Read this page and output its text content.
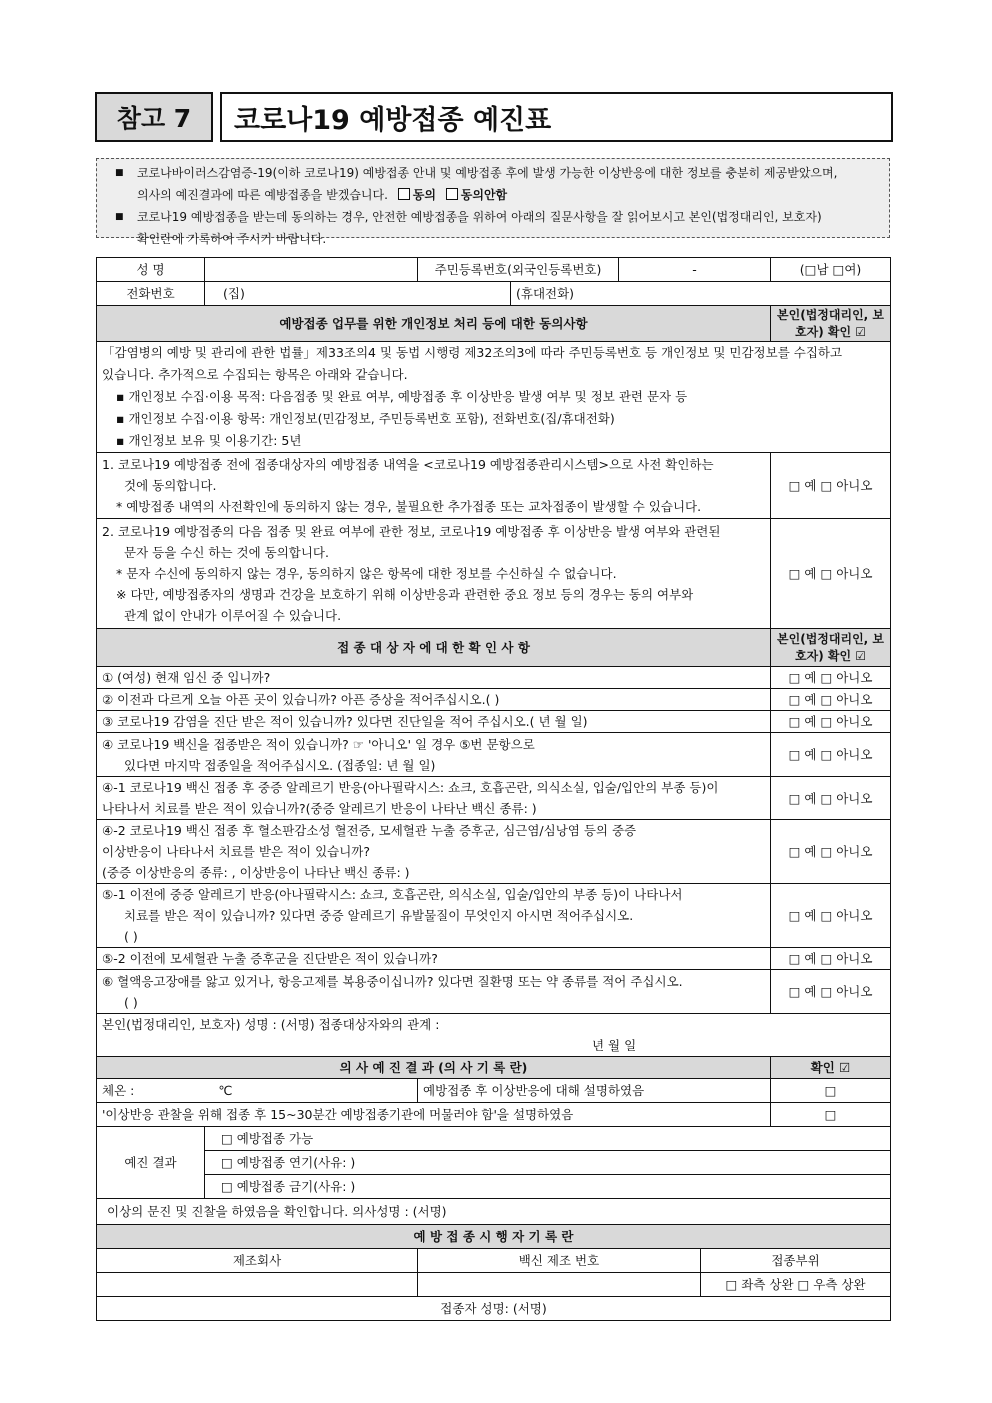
참고 7	코로나19 예방접종 예진표
■	코로나바이러스감염증-19(이하 코로나19) 예방접종 안내 및 예방접종 후에 발생 가능한 이상반응에 대한 정보를 충분히 제공받았으며,
의사의 예진결과에 따른 예방접종을 받겠습니다. 동의 동의안함
■	코로나19 예방접종을 받는데 동의하는 경우, 안전한 예방접종을 위하여 아래의 질문사항을 잘 읽어보시고 본인(법정대리인, 보호자)
확인란에 기록하여 주시기 바랍니다.
성 명		주민등록번호(외국인등록번호)		-		(□남 □여)
전화번호	(집)		(휴대전화)			
예방접종 업무를 위한 개인정보 처리 등에 대한 동의사항						본인(법정대리인, 보호자) 확인 ☑

「감염병의 예방 및 관리에 관한 법률」제33조의4 및 동법 시행령 제32조의3에 따라 주민등록번호 등 개인정보 및 민감정보를 수집하고
있습니다. 추가적으로 수집되는 항목은 아래와 같습니다.
▪ 개인정보 수집·이용 목적: 다음접종 및 완료 여부, 예방접종 후 이상반응 발생 여부 및 정보 관련 문자 등
▪ 개인정보 수집·이용 항목: 개인정보(민감정보, 주민등록번호 포함), 전화번호(집/휴대전화)
▪ 개인정보 보유 및 이용기간: 5년						

1. 코로나19 예방접종 전에 접종대상자의 예방접종 내역을 <코로나19 예방접종관리시스템>으로 사전 확인하는
것에 동의합니다.
* 예방접종 내역의 사전확인에 동의하지 않는 경우, 불필요한 추가접종 또는 교차접종이 발생할 수 있습니다.						□ 예 □ 아니오

2. 코로나19 예방접종의 다음 접종 및 완료 여부에 관한 정보, 코로나19 예방접종 후 이상반응 발생 여부와 관련된
문자 등을 수신 하는 것에 동의합니다.
* 문자 수신에 동의하지 않는 경우, 동의하지 않은 항목에 대한 정보를 수신하실 수 없습니다.
※ 다만, 예방접종자의 생명과 건강을 보호하기 위해 이상반응과 관련한 중요 정보 등의 경우는 동의 여부와
관계 없이 안내가 이루어질 수 있습니다.						□ 예 □ 아니오
접 종 대 상 자 에 대 한 확 인 사 항						본인(법정대리인, 보호자) 확인 ☑
① (여성) 현재 임신 중 입니까?						□ 예 □ 아니오
② 이전과 다르게 오늘 아픈 곳이 있습니까? 아픈 증상을 적어주십시오.( )						□ 예 □ 아니오
③ 코로나19 감염을 진단 받은 적이 있습니까? 있다면 진단일을 적어 주십시오.( 년 월 일)						□ 예 □ 아니오

④ 코로나19 백신을 접종받은 적이 있습니까? ☞ '아니오' 일 경우 ⑤번 문항으로
있다면 마지막 접종일을 적어주십시오. (접종일: 년 월 일)						□ 예 □ 아니오

④-1 코로나19 백신 접종 후 중증 알레르기 반응(아나필락시스: 쇼크, 호흡곤란, 의식소실, 입술/입안의 부종 등)이
나타나서 치료를 받은 적이 있습니까?(중증 알레르기 반응이 나타난 백신 종류: )						□ 예 □ 아니오

④-2 코로나19 백신 접종 후 혈소판감소성 혈전증, 모세혈관 누출 증후군, 심근염/심낭염 등의 중증
이상반응이 나타나서 치료를 받은 적이 있습니까?
(중증 이상반응의 종류: , 이상반응이 나타난 백신 종류: )						□ 예 □ 아니오

⑤-1 이전에 중증 알레르기 반응(아나필락시스: 쇼크, 호흡곤란, 의식소실, 입술/입안의 부종 등)이 나타나서
치료를 받은 적이 있습니까? 있다면 중증 알레르기 유발물질이 무엇인지 아시면 적어주십시오.
( )						□ 예 □ 아니오
⑤-2 이전에 모세혈관 누출 증후군을 진단받은 적이 있습니까?						□ 예 □ 아니오

⑥ 혈액응고장애를 앓고 있거나, 항응고제를 복용중이십니까? 있다면 질환명 또는 약 종류를 적어 주십시오.
( )						□ 예 □ 아니오

본인(법정대리인, 보호자) 성명 : (서명) 접종대상자와의 관계 :
년 월 일						

의 사 예 진 결 과 (의 사 기 록 란)						확인 ☑
체온 : ℃		예방접종 후 이상반응에 대해 설명하였음				□
'이상반응 관찰을 위해 접종 후 15~30분간 예방접종기관에 머물러야 함'을 설명하였음						□
예진 결과	□ 예방접종 가능					
	□ 예방접종 연기(사유: )					
	□ 예방접종 금기(사유: )					
이상의 문진 및 진찰을 하였음을 확인합니다. 의사성명 : (서명)						
예 방 접 종 시 행 자 기 록 란						
제조회사		백신 제조 번호			접종부위	
					□ 좌측 상완 □ 우측 상완	
접종자 성명: (서명)						
